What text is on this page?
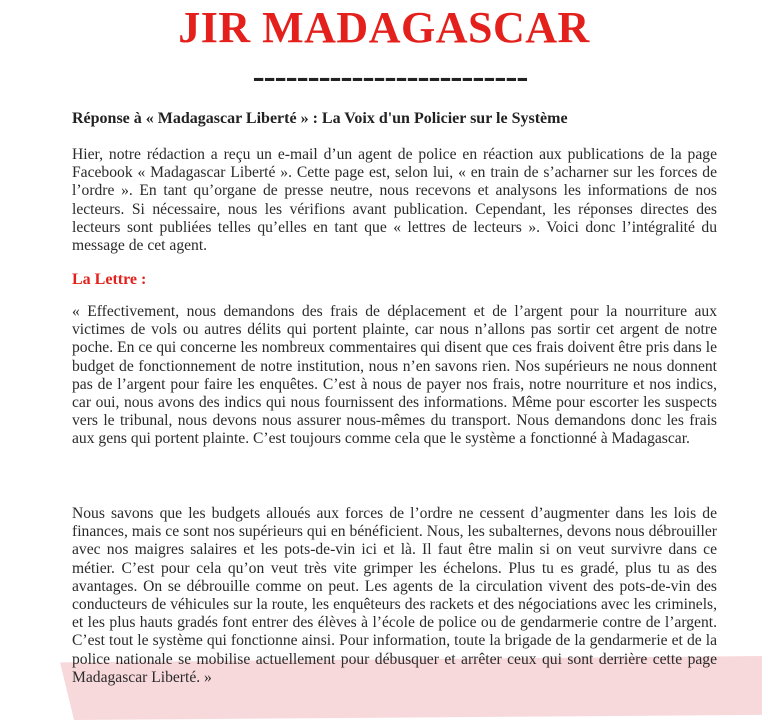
JIR MADAGASCAR
-------------------------
Réponse à « Madagascar Liberté » : La Voix d'un Policier sur le Système

Hier, notre rédaction a reçu un e-mail d’un agent de police en réaction aux publications de la page Facebook « Madagascar Liberté ». Cette page est, selon lui, « en train de s’acharner sur les forces de l’ordre ». En tant qu’organe de presse neutre, nous recevons et analysons les informations de nos lecteurs. Si nécessaire, nous les vérifions avant publication. Cependant, les réponses directes des lecteurs sont publiées telles qu’elles en tant que « lettres de lecteurs ». Voici donc l’intégralité du message de cet agent.

La Lettre :

« Effectivement, nous demandons des frais de déplacement et de l’argent pour la nourriture aux victimes de vols ou autres délits qui portent plainte, car nous n’allons pas sortir cet argent de notre poche. En ce qui concerne les nombreux commentaires qui disent que ces frais doivent être pris dans le budget de fonctionnement de notre institution, nous n’en savons rien. Nos supérieurs ne nous donnent pas de l’argent pour faire les enquêtes. C’est à nous de payer nos frais, notre nourriture et nos indics, car oui, nous avons des indics qui nous fournissent des informations. Même pour escorter les suspects vers le tribunal, nous devons nous assurer nous-mêmes du transport. Nous demandons donc les frais aux gens qui portent plainte. C’est toujours comme cela que le système a fonctionné à Madagascar.

Nous savons que les budgets alloués aux forces de l’ordre ne cessent d’augmenter dans les lois de finances, mais ce sont nos supérieurs qui en bénéficient. Nous, les subalternes, devons nous débrouiller avec nos maigres salaires et les pots-de-vin ici et là. Il faut être malin si on veut survivre dans ce métier. C’est pour cela qu’on veut très vite grimper les échelons. Plus tu es gradé, plus tu as des avantages. On se débrouille comme on peut. Les agents de la circulation vivent des pots-de-vin des conducteurs de véhicules sur la route, les enquêteurs des rackets et des négociations avec les criminels, et les plus hauts gradés font entrer des élèves à l’école de police ou de gendarmerie contre de l’argent. C’est tout le système qui fonctionne ainsi. Pour information, toute la brigade de la gendarmerie et de la police nationale se mobilise actuellement pour débusquer et arrêter ceux qui sont derrière cette page Madagascar Liberté. »
